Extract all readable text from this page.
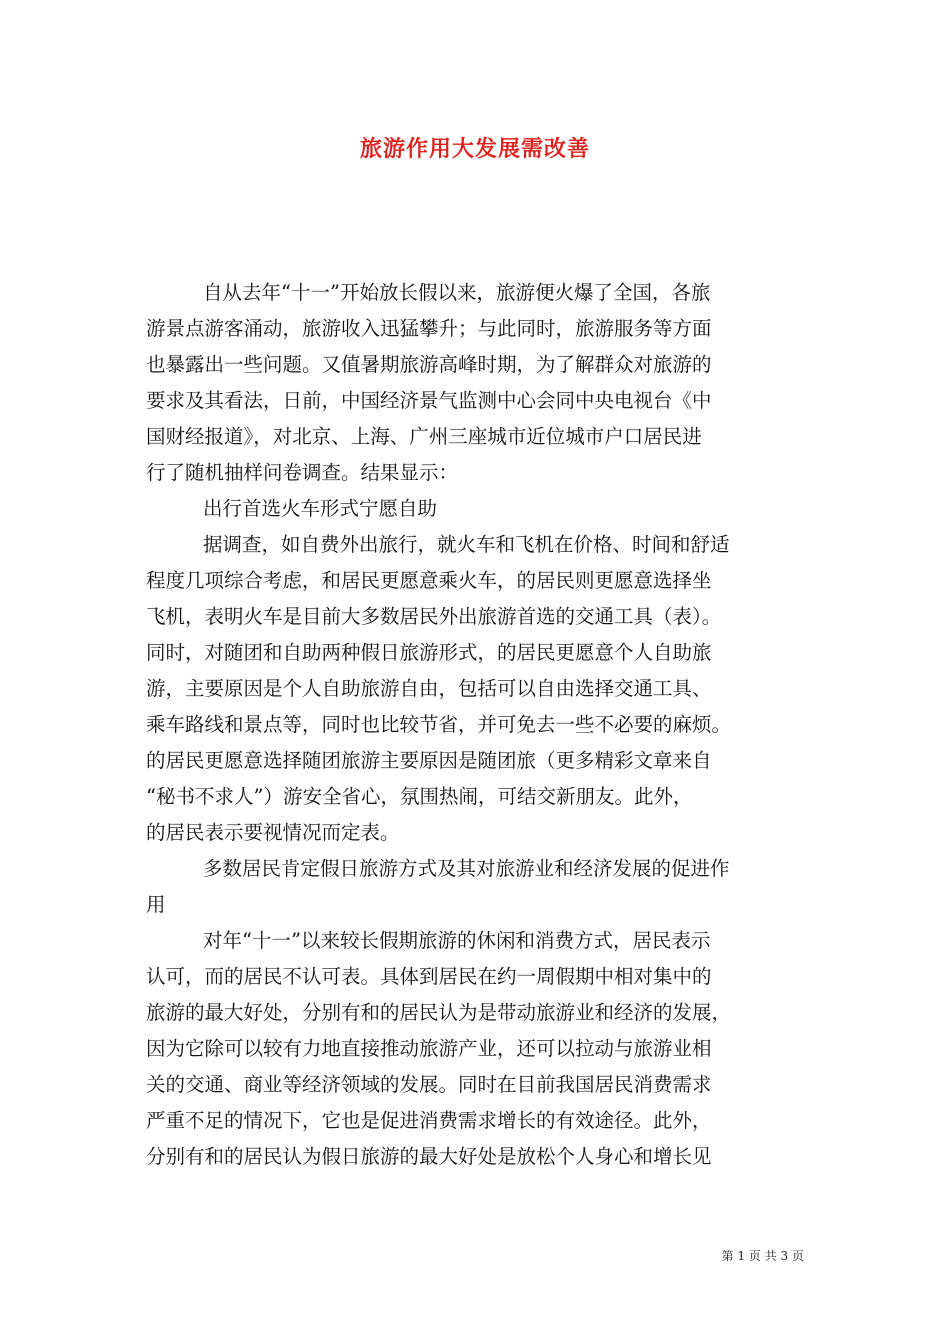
旅游作用大发展需改善
自从去年“十一”开始放长假以来，旅游便火爆了全国，各旅
游景点游客涌动，旅游收入迅猛攀升；与此同时，旅游服务等方面
也暴露出一些问题。又值暑期旅游高峰时期，为了解群众对旅游的
要求及其看法，日前，中国经济景气监测中心会同中央电视台《中
国财经报道》，对北京、上海、广州三座城市近位城市户口居民进
行了随机抽样问卷调查。结果显示：
出行首选火车形式宁愿自助
据调查，如自费外出旅行，就火车和飞机在价格、时间和舒适
程度几项综合考虑，和居民更愿意乘火车，的居民则更愿意选择坐
飞机，表明火车是目前大多数居民外出旅游首选的交通工具（表）。
同时，对随团和自助两种假日旅游形式，的居民更愿意个人自助旅
游，主要原因是个人自助旅游自由，包括可以自由选择交通工具、
乘车路线和景点等，同时也比较节省，并可免去一些不必要的麻烦。
的居民更愿意选择随团旅游主要原因是随团旅（更多精彩文章来自
“秘书不求人”）游安全省心，氛围热闹，可结交新朋友。此外，
的居民表示要视情况而定表。
多数居民肯定假日旅游方式及其对旅游业和经济发展的促进作
用
对年“十一”以来较长假期旅游的休闲和消费方式，居民表示
认可，而的居民不认可表。具体到居民在约一周假期中相对集中的
旅游的最大好处，分别有和的居民认为是带动旅游业和经济的发展，
因为它除可以较有力地直接推动旅游产业，还可以拉动与旅游业相
关的交通、商业等经济领域的发展。同时在目前我国居民消费需求
严重不足的情况下，它也是促进消费需求增长的有效途径。此外，
分别有和的居民认为假日旅游的最大好处是放松个人身心和增长见
第 1 页 共 3 页
